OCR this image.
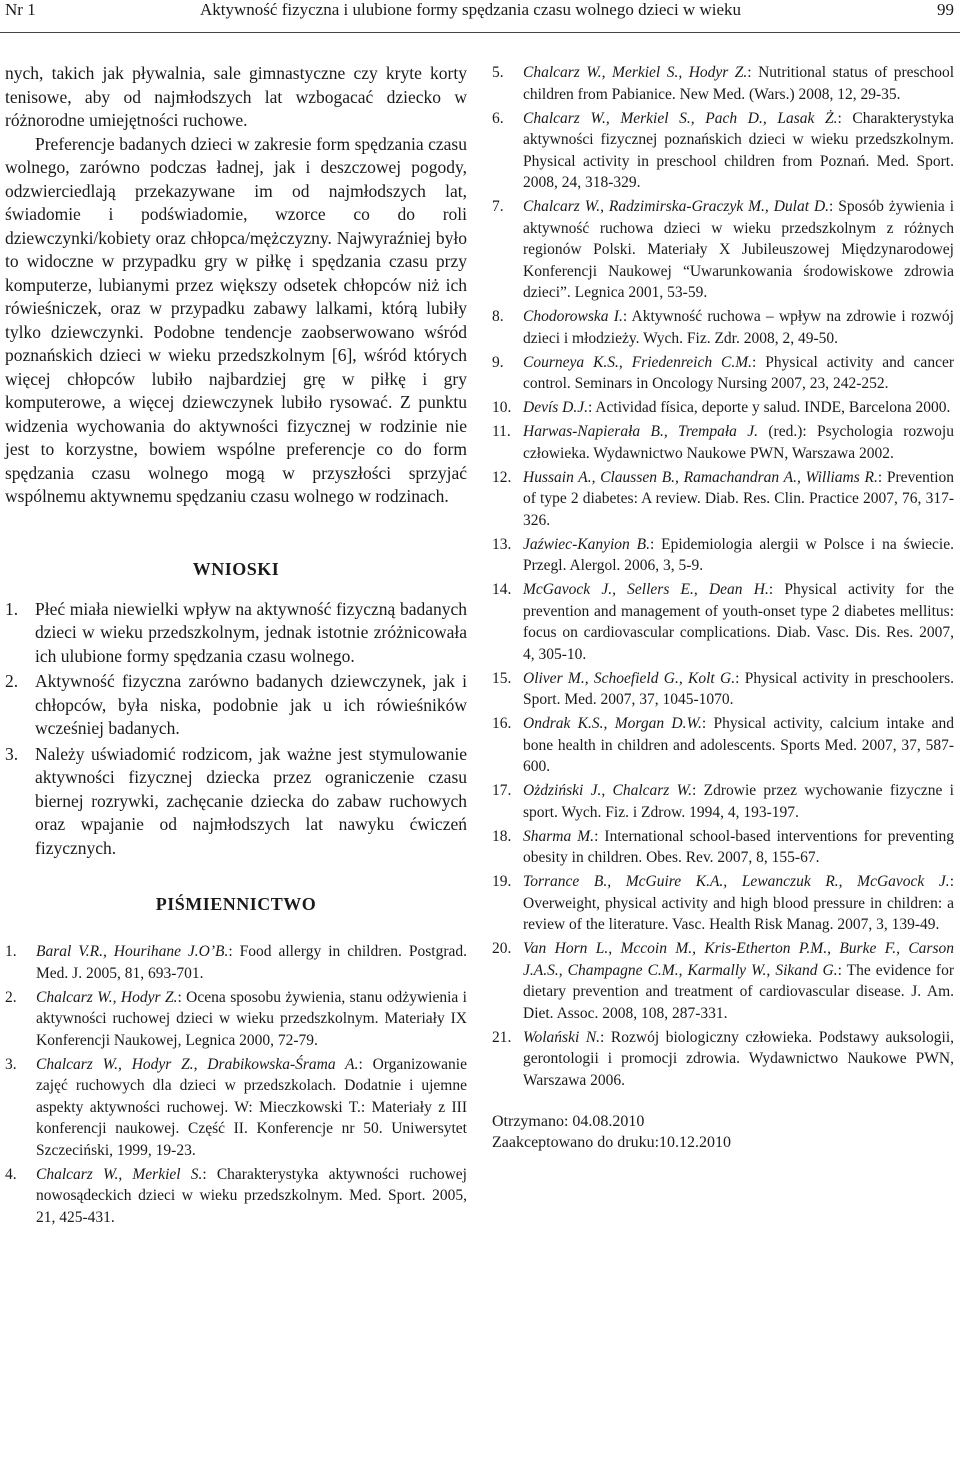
Nr 1	Aktywność fizyczna i ulubione formy spędzania czasu wolnego dzieci w wieku	99

nych, takich jak pływalnia, sale gimnastyczne czy kryte korty tenisowe, aby od najmłodszych lat wzbogacać dziecko w różnorodne umiejętności ruchowe.

Preferencje badanych dzieci w zakresie form spędzania czasu wolnego, zarówno podczas ładnej, jak i deszczowej pogody, odzwierciedlają przekazywane im od najmłodszych lat, świadomie i podświadomie, wzorce co do roli dziewczynki/kobiety oraz chłopca/mężczyzny. Najwyraźniej było to widoczne w przypadku gry w piłkę i spędzania czasu przy komputerze, lubianymi przez większy odsetek chłopców niż ich rówieśniczek, oraz w przypadku zabawy lalkami, którą lubiły tylko dziewczynki. Podobne tendencje zaobserwowano wśród poznańskich dzieci w wieku przedszkolnym [6], wśród których więcej chłopców lubiło najbardziej grę w piłkę i gry komputerowe, a więcej dziewczynek lubiło rysować. Z punktu widzenia wychowania do aktywności fizycznej w rodzinie nie jest to korzystne, bowiem wspólne preferencje co do form spędzania czasu wolnego mogą w przyszłości sprzyjać wspólnemu aktywnemu spędzaniu czasu wolnego w rodzinach.

WNIOSKI
1. Płeć miała niewielki wpływ na aktywność fizyczną badanych dzieci w wieku przedszkolnym, jednak istotnie zróżnicowała ich ulubione formy spędzania czasu wolnego.
2. Aktywność fizyczna zarówno badanych dziewczynek, jak i chłopców, była niska, podobnie jak u ich rówieśników wcześniej badanych.
3. Należy uświadomić rodzicom, jak ważne jest stymulowanie aktywności fizycznej dziecka przez ograniczenie czasu biernej rozrywki, zachęcanie dziecka do zabaw ruchowych oraz wpajanie od najmłodszych lat nawyku ćwiczeń fizycznych.
PIŚMIENNICTWO
1. Baral V.R., Hourihane J.O’B.: Food allergy in children. Postgrad. Med. J. 2005, 81, 693-701.
2. Chalcarz W., Hodyr Z.: Ocena sposobu żywienia, stanu odżywienia i aktywności ruchowej dzieci w wieku przedszkolnym. Materiały IX Konferencji Naukowej, Legnica 2000, 72-79.
3. Chalcarz W., Hodyr Z., Drabikowska-Śrama A.: Organizowanie zajęć ruchowych dla dzieci w przedszkolach. Dodatnie i ujemne aspekty aktywności ruchowej. W: Mieczkowski T.: Materiały z III konferencji naukowej. Część II. Konferencje nr 50. Uniwersytet Szczeciński, 1999, 19-23.
4. Chalcarz W., Merkiel S.: Charakterystyka aktywności ruchowej nowosądeckich dzieci w wieku przedszkolnym. Med. Sport. 2005, 21, 425-431.
5. Chalcarz W., Merkiel S., Hodyr Z.: Nutritional status of preschool children from Pabianice. New Med. (Wars.) 2008, 12, 29-35.
6. Chalcarz W., Merkiel S., Pach D., Lasak Ż.: Charakterystyka aktywności fizycznej poznańskich dzieci w wieku przedszkolnym. Physical activity in preschool children from Poznań. Med. Sport. 2008, 24, 318-329.
7. Chalcarz W., Radzimirska-Graczyk M., Dulat D.: Sposób żywienia i aktywność ruchowa dzieci w wieku przedszkolnym z różnych regionów Polski. Materiały X Jubileuszowej Międzynarodowej Konferencji Naukowej “Uwarunkowania środowiskowe zdrowia dzieci”. Legnica 2001, 53-59.
8. Chodorowska I.: Aktywność ruchowa – wpływ na zdrowie i rozwój dzieci i młodzieży. Wych. Fiz. Zdr. 2008, 2, 49-50.
9. Courneya K.S., Friedenreich C.M.: Physical activity and cancer control. Seminars in Oncology Nursing 2007, 23, 242-252.
10. Devís D.J.: Actividad física, deporte y salud. INDE, Barcelona 2000.
11. Harwas-Napierała B., Trempała J. (red.): Psychologia rozwoju człowieka. Wydawnictwo Naukowe PWN, Warszawa 2002.
12. Hussain A., Claussen B., Ramachandran A., Williams R.: Prevention of type 2 diabetes: A review. Diab. Res. Clin. Practice 2007, 76, 317-326.
13. Jaźwiec-Kanyion B.: Epidemiologia alergii w Polsce i na świecie. Przegl. Alergol. 2006, 3, 5-9.
14. McGavock J., Sellers E., Dean H.: Physical activity for the prevention and management of youth-onset type 2 diabetes mellitus: focus on cardiovascular complications. Diab. Vasc. Dis. Res. 2007, 4, 305-10.
15. Oliver M., Schoefield G., Kolt G.: Physical activity in preschoolers. Sport. Med. 2007, 37, 1045-1070.
16. Ondrak K.S., Morgan D.W.: Physical activity, calcium intake and bone health in children and adolescents. Sports Med. 2007, 37, 587-600.
17. Ożdziński J., Chalcarz W.: Zdrowie przez wychowanie fizyczne i sport. Wych. Fiz. i Zdrow. 1994, 4, 193-197.
18. Sharma M.: International school-based interventions for preventing obesity in children. Obes. Rev. 2007, 8, 155-67.
19. Torrance B., McGuire K.A., Lewanczuk R., McGavock J.: Overweight, physical activity and high blood pressure in children: a review of the literature. Vasc. Health Risk Manag. 2007, 3, 139-49.
20. Van Horn L., Mccoin M., Kris-Etherton P.M., Burke F., Carson J.A.S., Champagne C.M., Karmally W., Sikand G.: The evidence for dietary prevention and treatment of cardiovascular disease. J. Am. Diet. Assoc. 2008, 108, 287-331.
21. Wolański N.: Rozwój biologiczny człowieka. Podstawy auksologii, gerontologii i promocji zdrowia. Wydawnictwo Naukowe PWN, Warszawa 2006.
Otrzymano: 04.08.2010
Zaakceptowano do druku:10.12.2010
